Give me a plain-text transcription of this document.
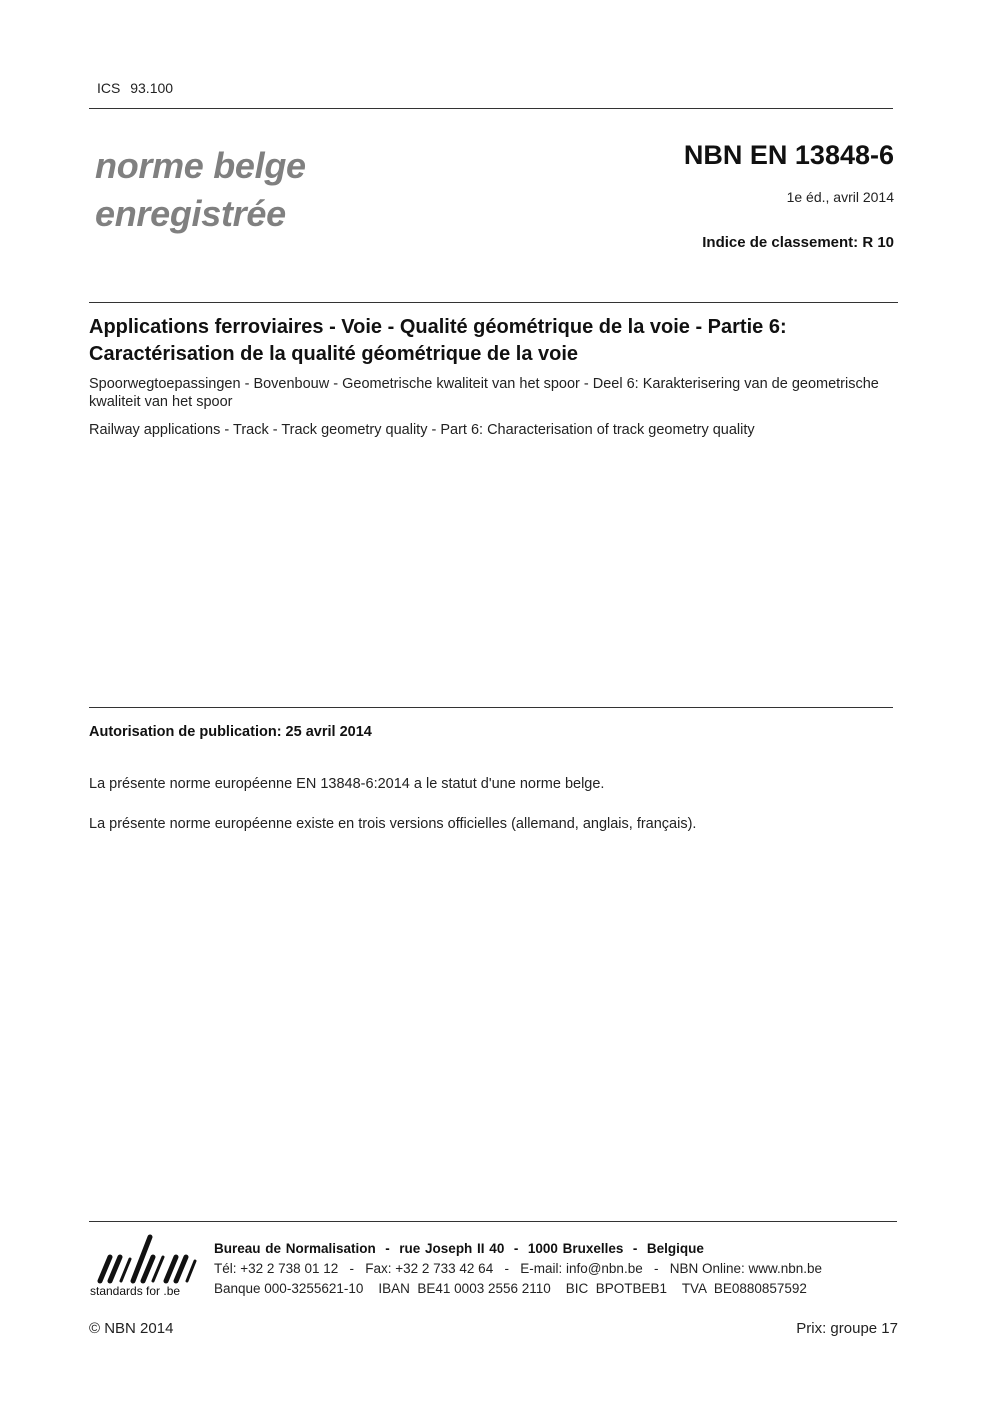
ICS 93.100
norme belge
enregistrée
NBN EN 13848-6
1e éd., avril 2014
Indice de classement: R 10
Applications ferroviaires - Voie - Qualité géométrique de la voie - Partie 6: Caractérisation de la qualité géométrique de la voie
Spoorwegtoepassingen - Bovenbouw - Geometrische kwaliteit van het spoor - Deel 6: Karakterisering van de geometrische kwaliteit van het spoor
Railway applications - Track - Track geometry quality - Part 6: Characterisation of track geometry quality
Autorisation de publication: 25 avril 2014
La présente norme européenne EN 13848-6:2014 a le statut d'une norme belge.
La présente norme européenne existe en trois versions officielles (allemand, anglais, français).
standards for .be
Bureau de Normalisation  -  rue Joseph II 40  -  1000 Bruxelles  -  Belgique
Tél: +32 2 738 01 12   -   Fax: +32 2 733 42 64   -   E-mail: info@nbn.be   -   NBN Online: www.nbn.be
Banque 000-3255621-10    IBAN  BE41 0003 2556 2110    BIC  BPOTBEB1    TVA  BE0880857592
© NBN 2014	Prix: groupe 17
